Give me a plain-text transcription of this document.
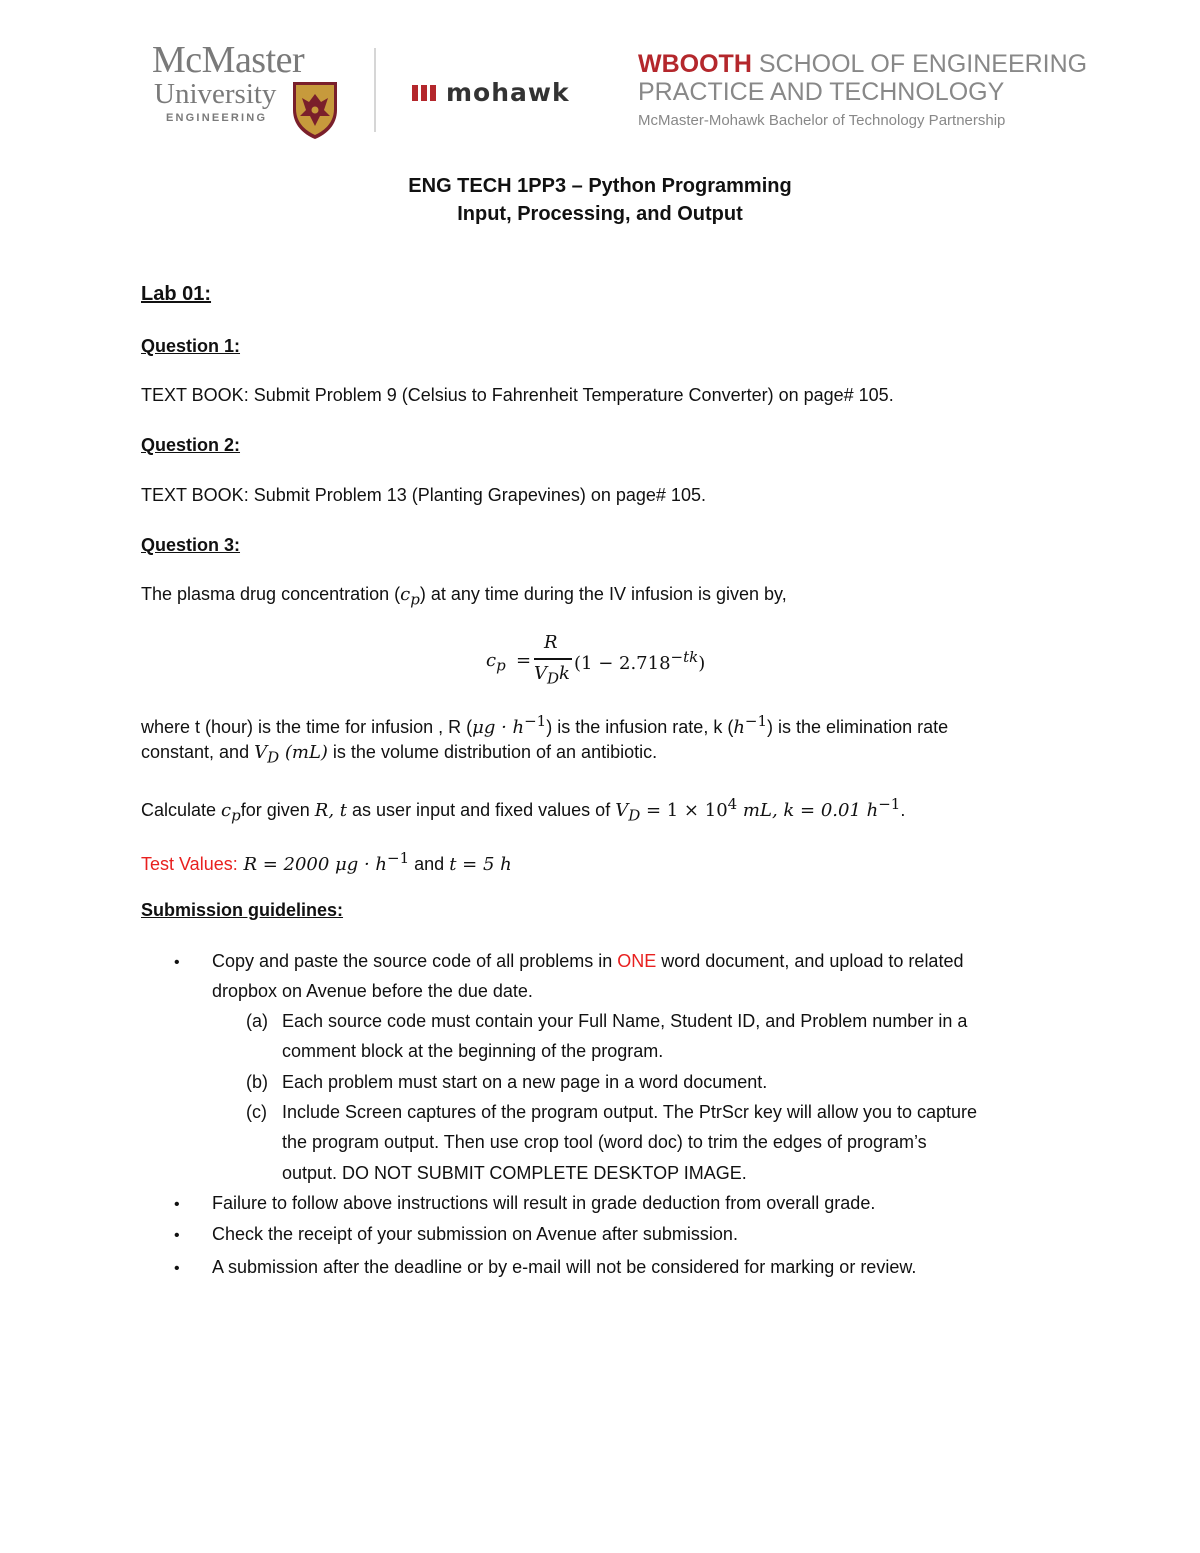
McMaster
University
ENGINEERING
mohawk
WBOOTH SCHOOL OF ENGINEERING
PRACTICE AND TECHNOLOGY
McMaster-Mohawk Bachelor of Technology Partnership
ENG TECH 1PP3 – Python Programming
Input, Processing, and Output
Lab 01:
Question 1:
TEXT BOOK: Submit Problem 9 (Celsius to Fahrenheit Temperature Converter) on page# 105.
Question 2:
TEXT BOOK: Submit Problem 13 (Planting Grapevines) on page# 105.
Question 3:
The plasma drug concentration $(c_p)$ at any time during the IV infusion is given by,
$c_p$ =
R
$V_Dk$ $(1 - 2.718^{-tk})$
where t (hour) is the time for infusion , R $(\mu g \cdot h^{-1})$ is the infusion rate, k $(h^{-1})$ is the elimination rate
constant, and $V_D$ (mL) is the volume distribution of an antibiotic.
Calculate $c_pfor$ given R, t as user input and fixed values of $V_D = 1 \times 10^4$ mL, k = 0.01 $h^{-1}$.
Test Values: R = 2000 $\mu g \cdot h^{-1}$ and t = 5 h
Submission guidelines:
• Copy and paste the source code of all problems in ONE word document, and upload to related
dropbox on Avenue before the due date.
(a) Each source code must contain your Full Name, Student ID, and Problem number in a
comment block at the beginning of the program.
(b) Each problem must start on a new page in a word document.
(c) Include Screen captures of the program output. The PtrScr key will allow you to capture
the program output. Then use crop tool (word doc) to trim the edges of program’s
output. DO NOT SUBMIT COMPLETE DESKTOP IMAGE.
• Failure to follow above instructions will result in grade deduction from overall grade.
• Check the receipt of your submission on Avenue after submission.
• A submission after the deadline or by e-mail will not be considered for marking or review.
